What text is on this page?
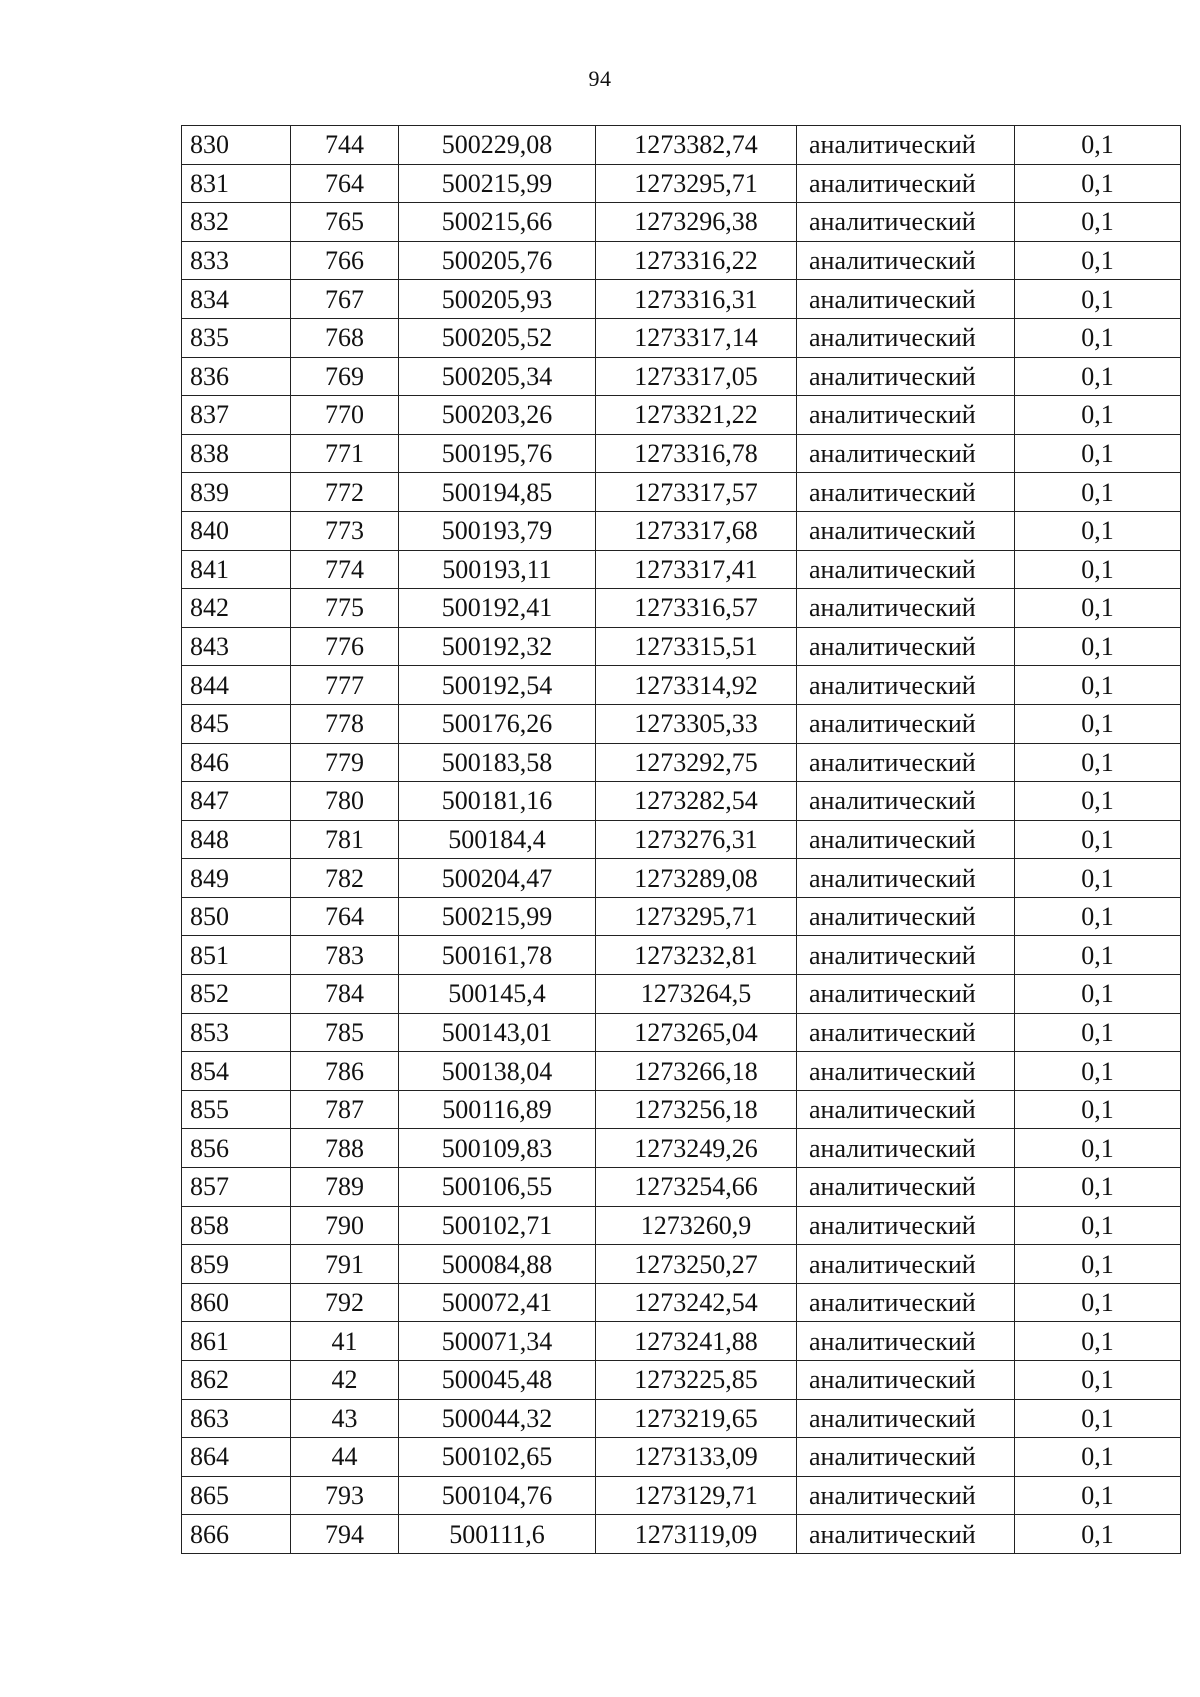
94
830	744	500229,08	1273382,74	аналитический	0,1
831	764	500215,99	1273295,71	аналитический	0,1
832	765	500215,66	1273296,38	аналитический	0,1
833	766	500205,76	1273316,22	аналитический	0,1
834	767	500205,93	1273316,31	аналитический	0,1
835	768	500205,52	1273317,14	аналитический	0,1
836	769	500205,34	1273317,05	аналитический	0,1
837	770	500203,26	1273321,22	аналитический	0,1
838	771	500195,76	1273316,78	аналитический	0,1
839	772	500194,85	1273317,57	аналитический	0,1
840	773	500193,79	1273317,68	аналитический	0,1
841	774	500193,11	1273317,41	аналитический	0,1
842	775	500192,41	1273316,57	аналитический	0,1
843	776	500192,32	1273315,51	аналитический	0,1
844	777	500192,54	1273314,92	аналитический	0,1
845	778	500176,26	1273305,33	аналитический	0,1
846	779	500183,58	1273292,75	аналитический	0,1
847	780	500181,16	1273282,54	аналитический	0,1
848	781	500184,4	1273276,31	аналитический	0,1
849	782	500204,47	1273289,08	аналитический	0,1
850	764	500215,99	1273295,71	аналитический	0,1
851	783	500161,78	1273232,81	аналитический	0,1
852	784	500145,4	1273264,5	аналитический	0,1
853	785	500143,01	1273265,04	аналитический	0,1
854	786	500138,04	1273266,18	аналитический	0,1
855	787	500116,89	1273256,18	аналитический	0,1
856	788	500109,83	1273249,26	аналитический	0,1
857	789	500106,55	1273254,66	аналитический	0,1
858	790	500102,71	1273260,9	аналитический	0,1
859	791	500084,88	1273250,27	аналитический	0,1
860	792	500072,41	1273242,54	аналитический	0,1
861	41	500071,34	1273241,88	аналитический	0,1
862	42	500045,48	1273225,85	аналитический	0,1
863	43	500044,32	1273219,65	аналитический	0,1
864	44	500102,65	1273133,09	аналитический	0,1
865	793	500104,76	1273129,71	аналитический	0,1
866	794	500111,6	1273119,09	аналитический	0,1
